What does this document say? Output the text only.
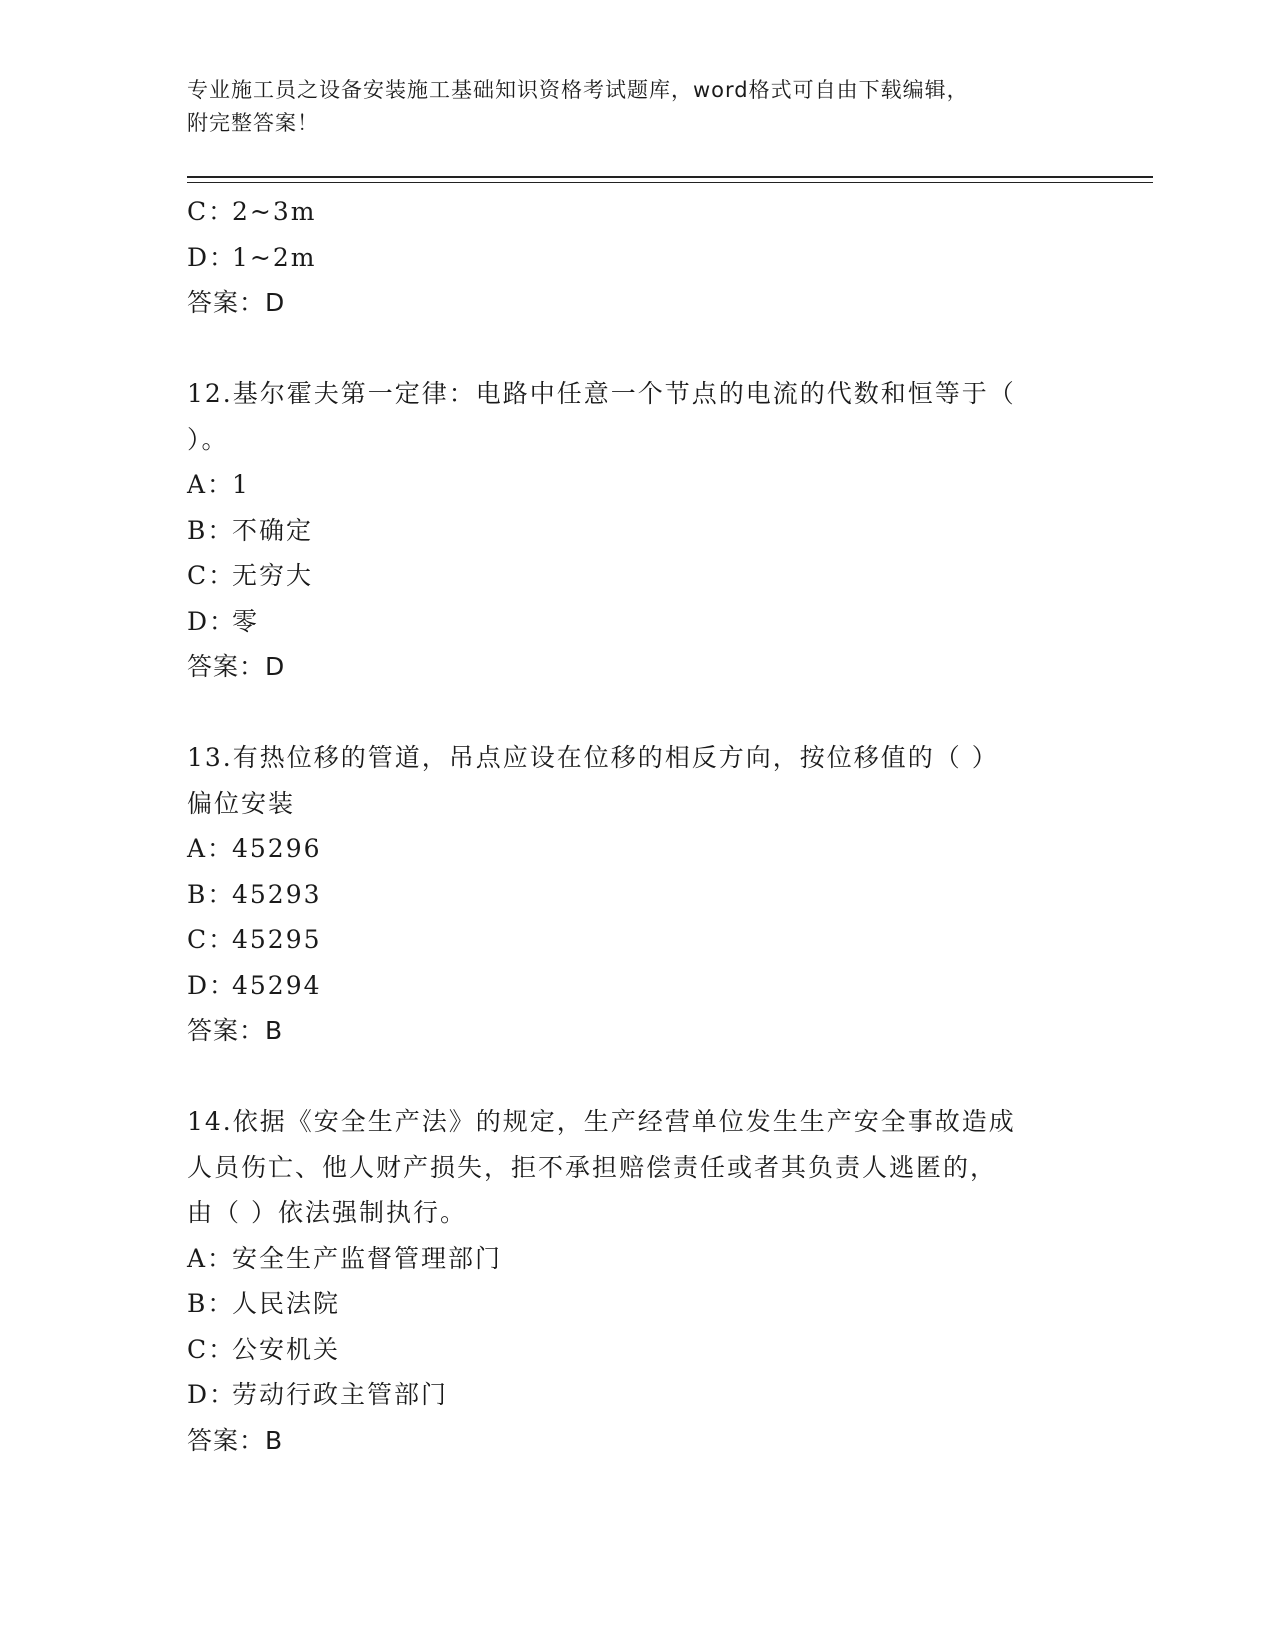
专业施工员之设备安装施工基础知识资格考试题库，word格式可自由下载编辑，
附完整答案！
C：2~3m
D：1~2m
答案：D
12.基尔霍夫第一定律：电路中任意一个节点的电流的代数和恒等于（
）。
A：1
B：不确定
C：无穷大
D：零
答案：D
13.有热位移的管道，吊点应设在位移的相反方向，按位移值的（ ）
偏位安装
A：45296
B：45293
C：45295
D：45294
答案：B
14.依据《安全生产法》的规定，生产经营单位发生生产安全事故造成
人员伤亡、他人财产损失，拒不承担赔偿责任或者其负责人逃匿的，
由（ ）依法强制执行。
A：安全生产监督管理部门
B：人民法院
C：公安机关
D：劳动行政主管部门
答案：B
